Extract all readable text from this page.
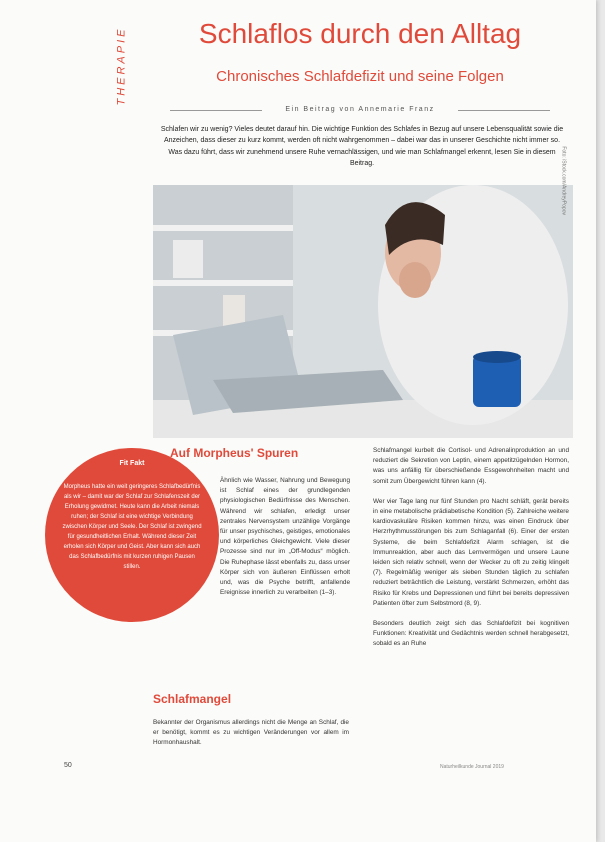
THERAPIE	Schlaflos durch den Alltag
Chronisches Schlafdefizit und seine Folgen
Ein Beitrag von Annemarie Franz
Schlafen wir zu wenig? Vieles deutet darauf hin. Die wichtige Funktion des Schlafes in Bezug auf unsere Lebensqualität sowie die Anzeichen, dass dieser zu kurz kommt, werden oft nicht wahrgenommen – dabei war das in unserer Geschichte nicht immer so. Was dazu führt, dass wir zunehmend unsere Ruhe vernachlässigen, und wie man Schlafmangel erkennt, lesen Sie in diesem Beitrag.	Foto: iStock.com/AndreyPopov
Auf Morpheus' Spuren
Fit Fakt
Morpheus hatte ein weit geringeres Schlafbedürfnis als wir – damit war der Schlaf zur Schlafenszeit der Erholung gewidmet. Heute kann die Arbeit niemals ruhen; der Schlaf ist eine wichtige Verbindung zwischen Körper und Seele. Der Schlaf ist zwingend für gesundheitlichen Erhalt. Während dieser Zeit erholen sich Körper und Geist. Aber kann sich auch das Schlafbedürfnis mit kurzen ruhigen Pausen stillen.
Ähnlich wie Wasser, Nahrung und Bewegung ist Schlaf eines der grundlegenden physiologischen Bedürfnisse des Menschen. Während wir schlafen, erledigt unser zentrales Nervensystem unzählige Vorgänge für unser psychisches, geistiges, emotionales und körperliches Gleichgewicht. Viele dieser Prozesse sind nur im „Off-Modus“ möglich. Die Ruhephase lässt ebenfalls zu, dass unser Körper sich von äußeren Einflüssen erholt und, was die Psyche betrifft, anfallende Ereignisse innerlich zu verarbeiten (1–3).
Schlafmangel
Bekannter der Organismus allerdings nicht die Menge an Schlaf, die er benötigt, kommt es zu wichtigen Veränderungen vor allem im Hormonhaushalt.

Schlafmangel kurbelt die Cortisol- und Adrenalinproduktion an und reduziert die Sekretion von Leptin, einem appetitzügelnden Hormon, was uns anfällig für überschießende Essgewohnheiten macht und somit zum Übergewicht führen kann (4).

Wer vier Tage lang nur fünf Stunden pro Nacht schläft, gerät bereits in eine metabolische prädiabetische Kondition (5). Zahlreiche weitere kardiovaskuläre Risiken kommen hinzu, was einen Eindruck über Herzrhythmusstörungen bis zum Schlaganfall (6). Einer der ersten Systeme, die beim Schlafdefizit Alarm schlagen, ist die Immunreaktion, aber auch das Lernvermögen und unsere Laune leiden sich relativ schnell, wenn der Wecker zu oft zu zeitig klingelt (7). Regelmäßig weniger als sieben Stunden täglich zu schlafen reduziert beträchtlich die Leistung, verstärkt Schmerzen, erhöht das Risiko für Krebs und Depressionen und führt bei bereits depressiven Patienten öfter zum Selbstmord (8, 9).

Besonders deutlich zeigt sich das Schlafdefizit bei kognitiven Funktionen: Kreativität und Gedächtnis werden schnell herabgesetzt, sobald es an Ruhe

50	Naturheilkunde Journal 2019
